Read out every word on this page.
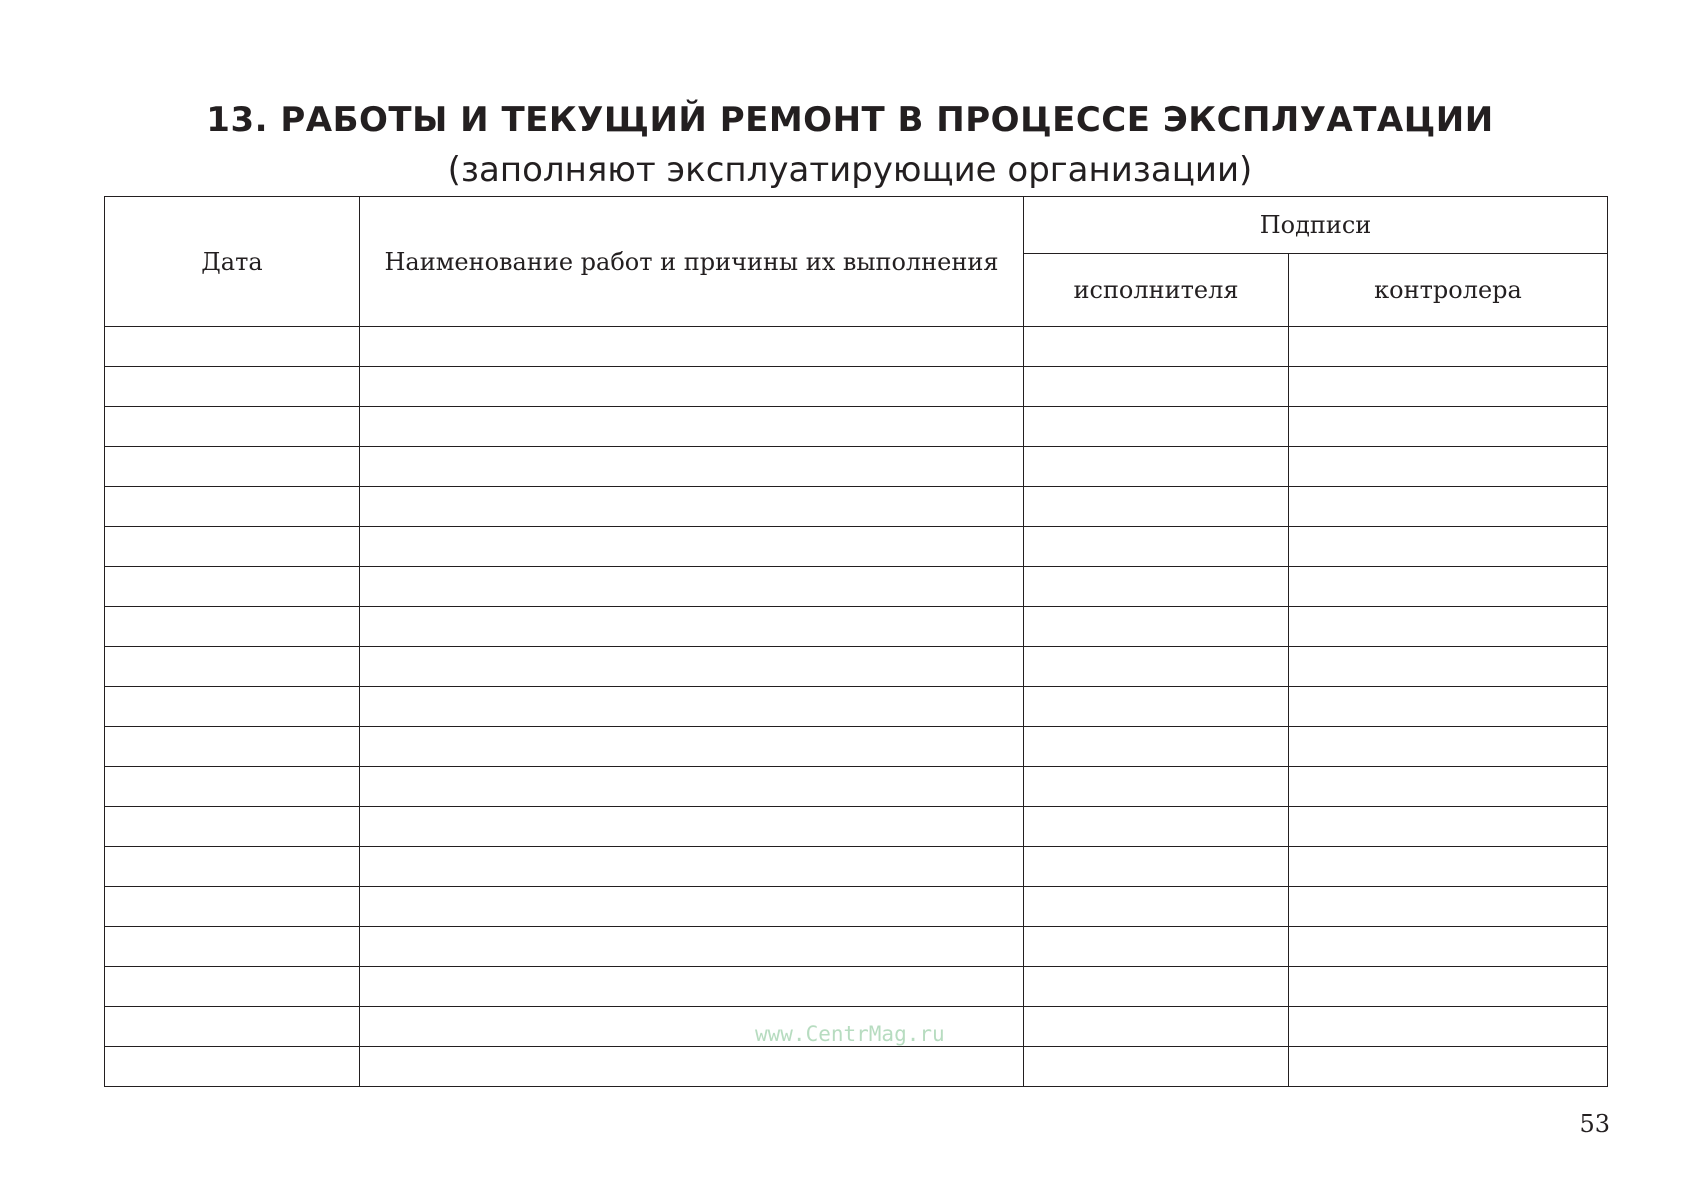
13. РАБОТЫ И ТЕКУЩИЙ РЕМОНТ В ПРОЦЕССЕ ЭКСПЛУАТАЦИИ
(заполняют эксплуатирующие организации)
Дата	Наименование работ и причины их выполнения	Подписи	
		исполнителя	контролера

www.CentrMag.ru
53
